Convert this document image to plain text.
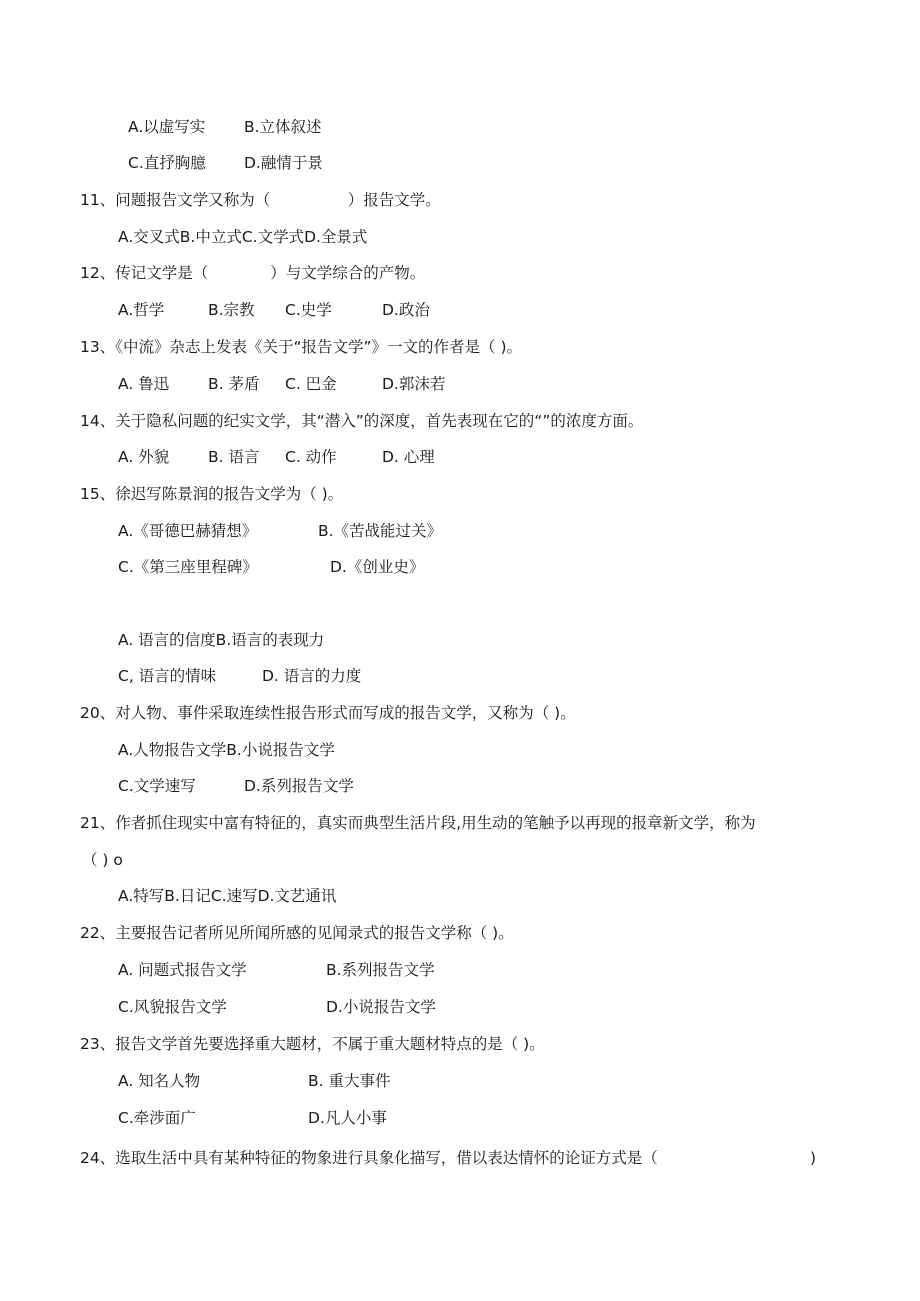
A.以虚写实 B.立体叙述
C.直抒胸臆 D.融情于景
11、问题报告文学又称为（　　　　　）报告文学。
A.交叉式B.中立式C.文学式D.全景式
12、传记文学是（　　　　）与文学综合的产物。
A.哲学	B.宗教 C.史学	D.政治
13、《中流》杂志上发表《关于“报告文学”》一文的作者是（ )。
A. 鲁迅	B. 茅盾 C. 巴金	D.郭沫若
14、关于隐私问题的纪实文学，其“潜入”的深度，首先表现在它的“”的浓度方面。
A. 外貌	B. 语言 C. 动作	D. 心理
15、徐迟写陈景润的报告文学为（ )。
A.《哥德巴赫猜想》	B.《苦战能过关》
C.《第三座里程碑》	D.《创业史》
A. 语言的信度B.语言的表现力
C, 语言的情味	D. 语言的力度
20、对人物、事件采取连续性报告形式而写成的报告文学，又称为（ )。
A.人物报告文学B.小说报告文学
C.文学速写	D.系列报告文学
21、作者抓住现实中富有特征的，真实而典型生活片段,用生动的笔触予以再现的报章新文学，称为
（ ) o
A.特写B.日记C.速写D.文艺通讯
22、主要报告记者所见所闻所感的见闻录式的报告文学称（ )。
A. 问题式报告文学	B.系列报告文学
C.风貌报告文学	D.小说报告文学
23、报告文学首先要选择重大题材，不属于重大题材特点的是（ )。
A. 知名人物	B. 重大事件
C.牵涉面广	D.凡人小事
24、选取生活中具有某种特征的物象进行具象化描写，借以表达情怀的论证方式是（	)
